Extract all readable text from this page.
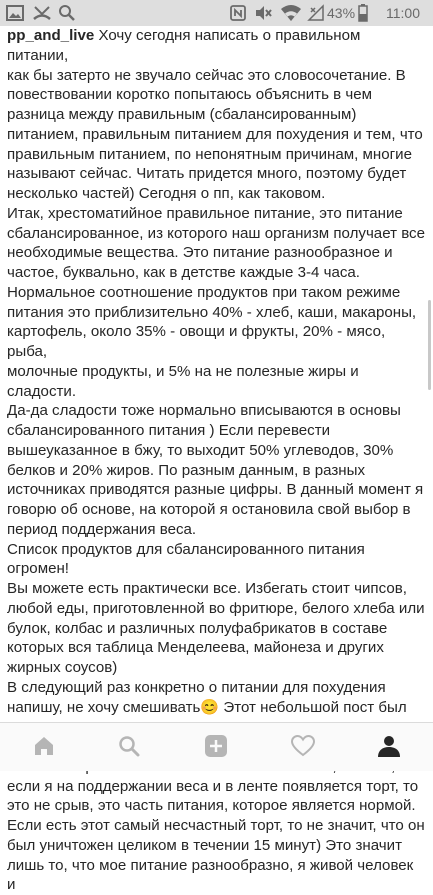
43% 11:00

pp_and_live Хочу сегодня написать о правильном питании,

как бы затерто не звучало сейчас это словосочетание. В

повествовании коротко попытаюсь объяснить в чем

разница между правильным (сбалансированным)

питанием, правильным питанием для похудения и тем, что

правильным питанием, по непонятным причинам, многие

называют сейчас. Читать придется много, поэтому будет

несколько частей) Сегодня о пп, как таковом.

Итак, хрестоматийное правильное питание, это питание

сбалансированное, из которого наш организм получает все

необходимые вещества. Это питание разнообразное и

частое, буквально, как в детстве каждые 3-4 часа.

Нормальное соотношение продуктов при таком режиме

питания это приблизительно 40% - хлеб, каши, макароны,

картофель, около 35% - овощи и фрукты, 20% - мясо, рыба,

молочные продукты, и 5% на не полезные жиры и сладости.

Да-да сладости тоже нормально вписываются в основы

сбалансированного питания ) Если перевести

вышеуказанное в бжу, то выходит 50% углеводов, 30%

белков и 20% жиров. По разным данным, в разных

источниках приводятся разные цифры. В данный момент я

говорю об основе, на которой я остановила свой выбор в

период поддержания веса.

Список продуктов для сбалансированного питания огромен!

Вы можете есть практически все. Избегать стоит чипсов,

любой еды, приготовленной во фритюре, белого хлеба или

булок, колбас и различных полуфабрикатов в составе

которых вся таблица Менделеева, майонеза и других

жирных соусов)

В следующий раз конкретно о питании для похудения

напишу, не хочу смешивать😊 Этот небольшой пост был

если я на поддержании веса и в ленте появляется торт, то

это не срыв, это часть питания, которое является нормой.

Если есть этот самый несчастный торт, то не значит, что он

был уничтожен целиком в течении 15 минут) Это значит

лишь то, что мое питание разнообразно, я живой человек и
